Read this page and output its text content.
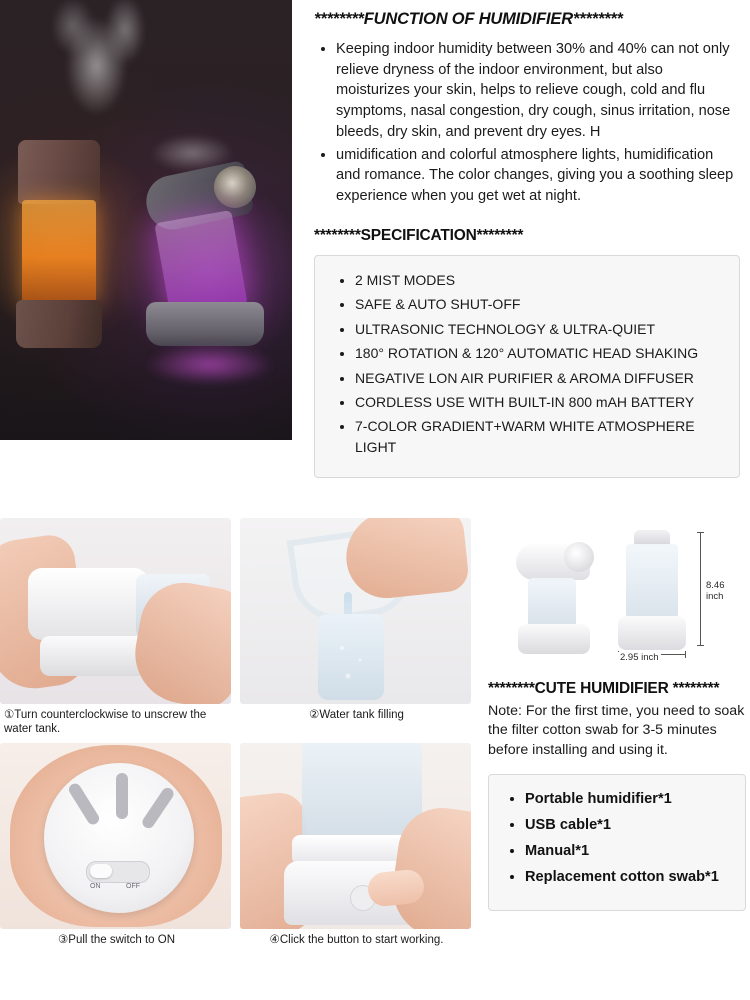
********FUNCTION OF HUMIDIFIER********
• Keeping indoor humidity between 30% and 40% can not only relieve dryness of the indoor environment, but also moisturizes your skin, helps to relieve cough, cold and flu symptoms, nasal congestion, dry cough, sinus irritation, nose bleeds, dry skin, and prevent dry eyes. H
• umidification and colorful atmosphere lights, humidification and romance. The color changes, giving you a soothing sleep experience when you get wet at night.
********SPECIFICATION********
• 2 MIST MODES
• SAFE & AUTO SHUT-OFF
• ULTRASONIC TECHNOLOGY & ULTRA-QUIET
• 180° ROTATION & 120° AUTOMATIC HEAD SHAKING
• NEGATIVE LON AIR PURIFIER & AROMA DIFFUSER
• CORDLESS USE WITH BUILT-IN 800 mAH BATTERY
• 7-COLOR GRADIENT+WARM WHITE ATMOSPHERE LIGHT
①Turn counterclockwise to unscrew the water tank.
②Water tank filling
ON	OFF
③Pull the switch to ON	④Click the button to start working.
8.46 inch
2.95 inch
********CUTE HUMIDIFIER ********
Note: For the first time, you need to soak the filter cotton swab for 3-5 minutes before installing and using it.
• Portable humidifier*1
• USB cable*1
• Manual*1
• Replacement cotton swab*1
